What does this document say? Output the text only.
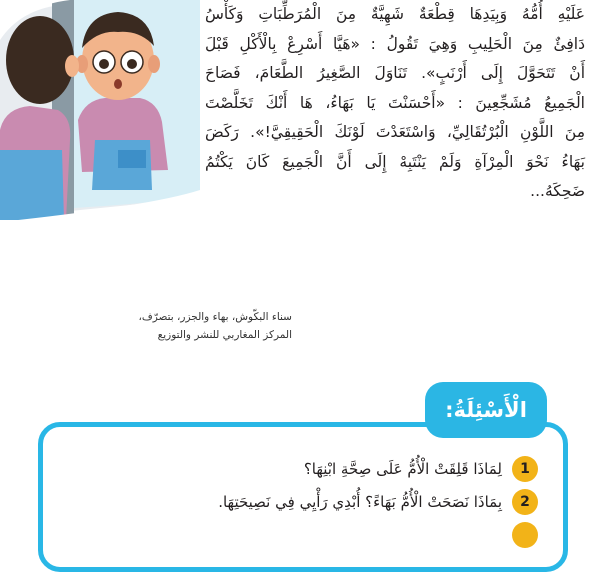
عَلَيْهِ أُمُّهُ وَبِيَدِهَا قِطْعَةٌ شَهِيَّةٌ مِنَ الْمُرَطِّبَاتِ وَكَأْسُ
دَافِئٌ مِنَ الْحَلِيبِ وَهِيَ تَقُولُ : «هَيَّا أَسْرِعْ بِالْأَكْلِ قَبْلَ
أَنْ تَتَحَوَّلَ إِلَى أَرْنَبٍ». تَنَاوَلَ الصَّغِيرُ الطَّعَامَ، فَصَاحَ
الْجَمِيعُ مُشَجِّعِينَ : «أَحْسَنْتَ يَا بَهَاءُ، هَا أَنْكَ تَخَلَّصْتَ
مِنَ اللَّوْنِ الْبُرْتُقَالِيِّ، وَاسْتَعَدْتَ لَوْنَكَ الْحَقِيقِيَّ!». رَكَضَ
بَهَاءُ نَحْوَ الْمِرْآةِ وَلَمْ يَنْتَبِهْ إِلَى أَنَّ الْجَمِيعَ كَانَ يَكْتُمُ
ضَحِكَهُ...
سناء البكّوش، بهاء والجزر، بتصرّف،
المركز المغاربي للنشر والتوزيع
الْأَسْئِلَةُ:
1
لِمَاذَا قَلِقَتْ الْأُمُّ عَلَى صِحَّةِ ابْنِهَا؟
2
بِمَاذَا نَصَحَتْ الْأُمُّ بَهَاءً؟ أُبْدِي رَأْيِي فِي نَصِيحَتِهَا.
